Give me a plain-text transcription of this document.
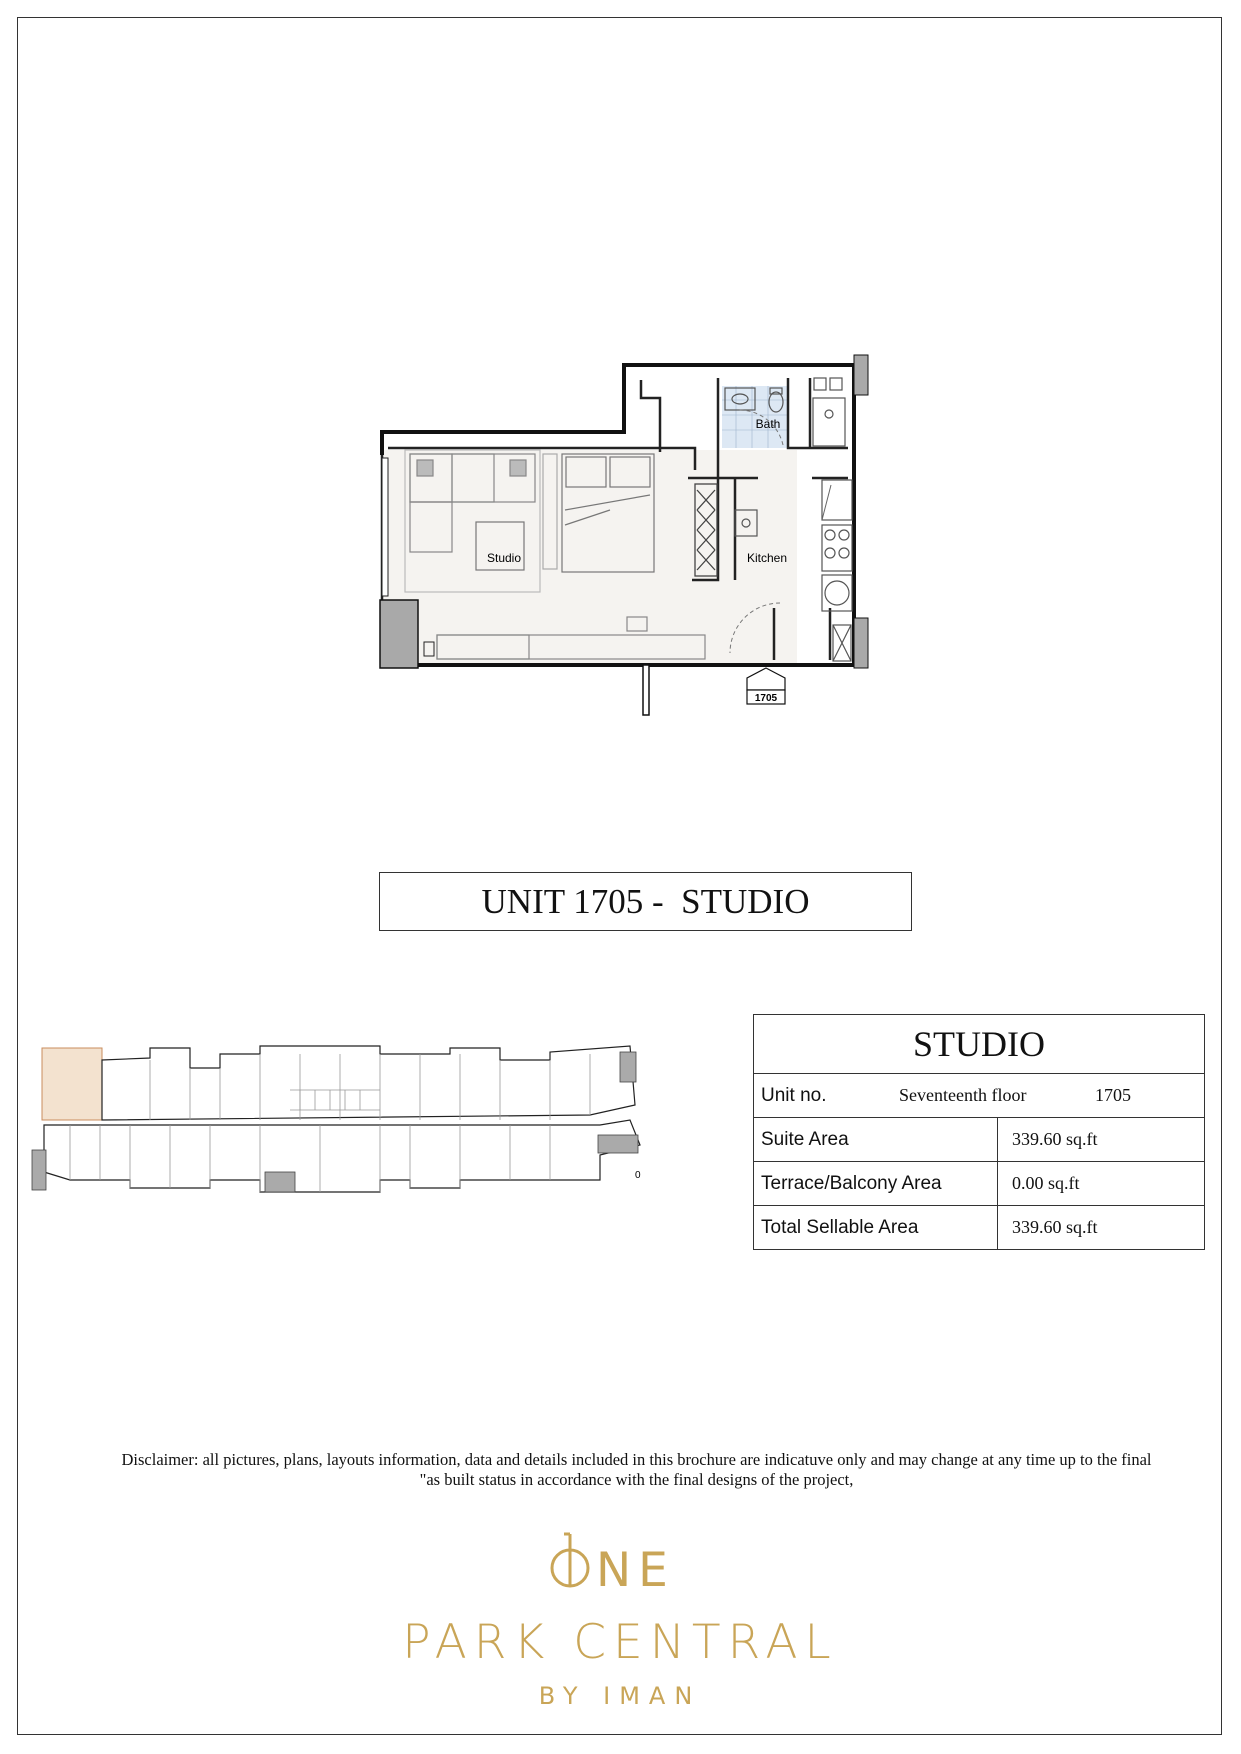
Bath
Studio	Kitchen
1705
UNIT 1705 -  STUDIO
0
STUDIO	

Unit no. Seventeenth floor 1705	

Suite Area	339.60 sq.ft
Terrace/Balcony Area	0.00 sq.ft
Total Sellable Area	339.60 sq.ft
Disclaimer: all pictures, plans, layouts information, data and details included in this brochure are indicatuve only and may change at any time up to the final
"as built status in accordance with the final designs of the project,
NE
PARK CENTRAL
BY IMAN
